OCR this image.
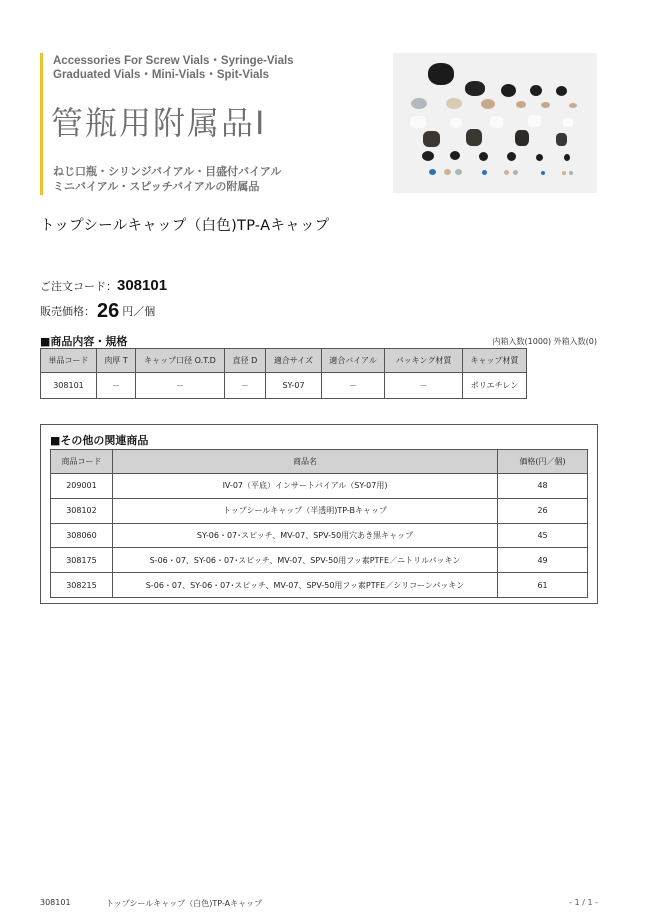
Accessories For Screw Vials・Syringe-Vials
Graduated Vials・Mini-Vials・Spit-Vials
管瓶用附属品Ⅰ
ねじ口瓶・シリンジバイアル・目盛付バイアル
ミニバイアル・スピッチバイアルの附属品
トップシールキャップ（白色)TP-Aキャップ
ご注文コード：308101
販売価格： 26 円／個
■商品内容・規格	内箱入数(1000) 外箱入数(0)
単品コード	肉厚 T	キャップ口径 O.T.D	直径 D	適合サイズ	適合バイアル	パッキング材質	キャップ材質
308101	－	－	－	SY-07	－	－	ポリエチレン
■その他の関連商品
商品コード	商品名	価格(円／個)
209001	IV-07（平底）インサートバイアル（SY-07用)	48
308102	トップシールキャップ（半透明)TP-Bキャップ	26
308060	SY-06・07･スピッチ、MV-07、SPV-50用穴あき黒キャップ	45
308175	S-06・07、SY-06・07･スピッチ、MV-07、SPV-50用フッ素PTFE／ニトリルパッキン	49
308215	S-06・07、SY-06・07･スピッチ、MV-07、SPV-50用フッ素PTFE／シリコーンパッキン	61
308101	トップシールキャップ（白色)TP-Aキャップ	- 1 / 1 -
